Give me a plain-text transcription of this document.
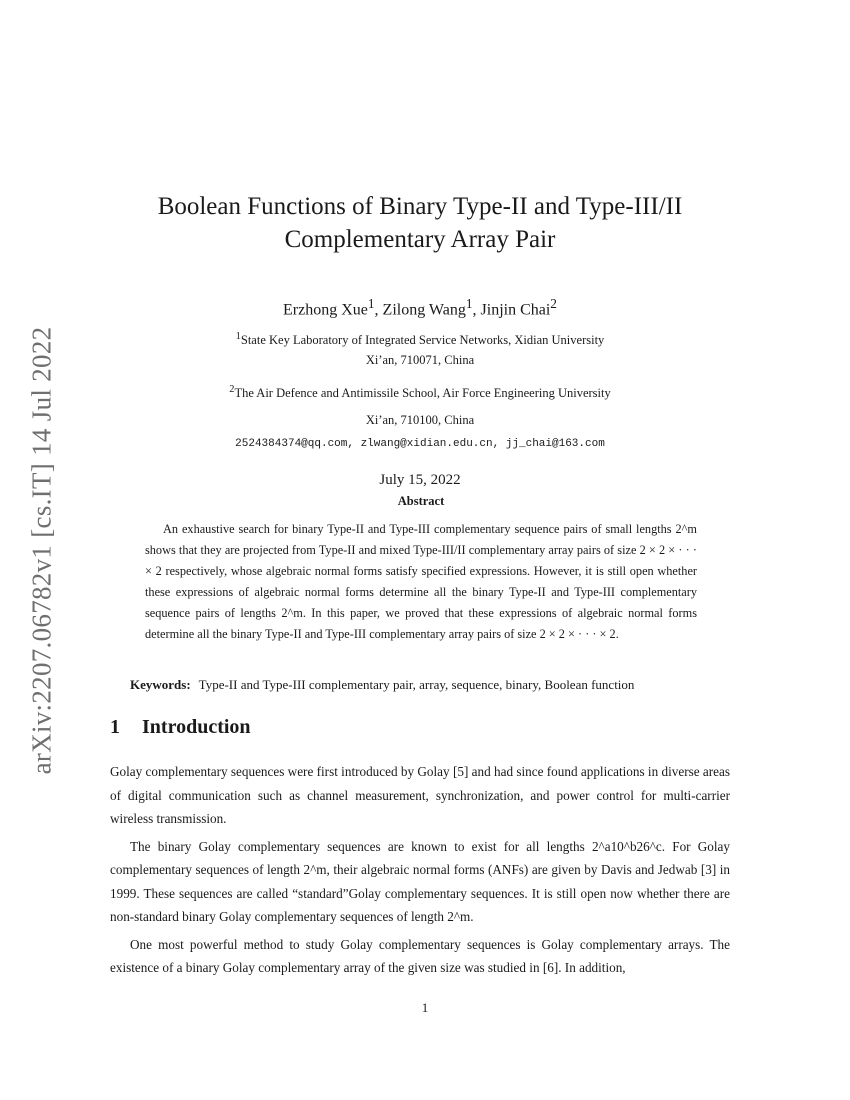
arXiv:2207.06782v1 [cs.IT] 14 Jul 2022
Boolean Functions of Binary Type-II and Type-III/II
Complementary Array Pair
Erzhong Xue$^1$, Zilong Wang$^1$, Jinjin Chai$^2$
$^1$State Key Laboratory of Integrated Service Networks, Xidian University
Xi’an, 710071, China
$^2$The Air Defence and Antimissile School, Air Force Engineering University
Xi’an, 710100, China
2524384374@qq.com, zlwang@xidian.edu.cn, jj_chai@163.com
July 15, 2022
Abstract

An exhaustive search for binary Type-II and Type-III complementary sequence pairs of small lengths 2^m shows that they are projected from Type-II and mixed Type-III/II complementary array pairs of size 2 × 2 × · · · × 2 respectively, whose algebraic normal forms satisfy specified expressions. However, it is still open whether these expressions of algebraic normal forms determine all the binary Type-II and Type-III complementary sequence pairs of lengths 2^m. In this paper, we proved that these expressions of algebraic normal forms determine all the binary Type-II and Type-III complementary array pairs of size 2 × 2 × · · · × 2.

Keywords: Type-II and Type-III complementary pair, array, sequence, binary, Boolean function
1 Introduction

Golay complementary sequences were first introduced by Golay [5] and had since found applications in diverse areas of digital communication such as channel measurement, synchronization, and power control for multi-carrier wireless transmission.

The binary Golay complementary sequences are known to exist for all lengths 2^a10^b26^c. For Golay complementary sequences of length 2^m, their algebraic normal forms (ANFs) are given by Davis and Jedwab [3] in 1999. These sequences are called “standard”Golay complementary sequences. It is still open now whether there are non-standard binary Golay complementary sequences of length 2^m.

One most powerful method to study Golay complementary sequences is Golay complementary arrays. The existence of a binary Golay complementary array of the given size was studied in [6]. In addition,

1
